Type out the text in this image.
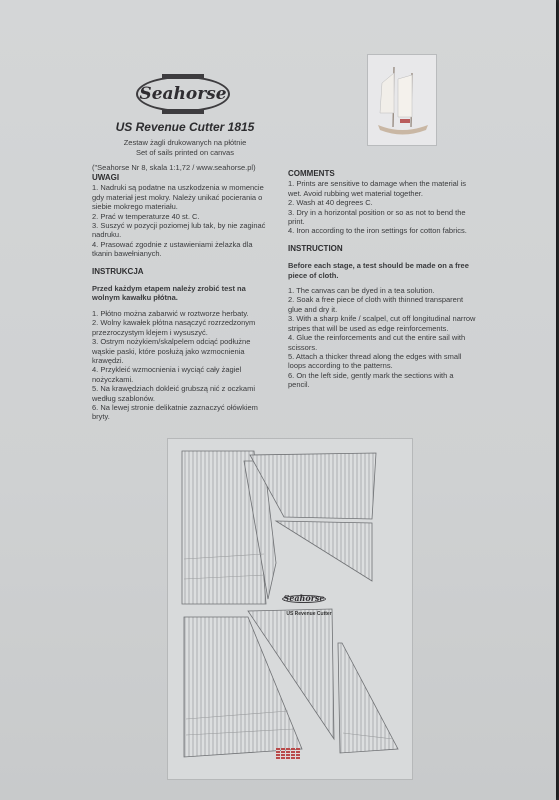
Seahorse
US Revenue Cutter 1815
Zestaw żagli drukowanych na płótnie
Set of sails printed on canvas

("Seahorse Nr 8, skala 1:1,72 / www.seahorse.pl)

UWAGI

1. Nadruki są podatne na uszkodzenia w momencie gdy materiał jest mokry. Należy unikać pocierania o siebie mokrego materiału.

2. Prać w temperaturze 40 st. C.

3. Suszyć w pozycji poziomej lub tak, by nie zaginać nadruku.

4. Prasować zgodnie z ustawieniami żelazka dla tkanin bawełnianych.

INSTRUKCJA

Przed każdym etapem należy zrobić test na wolnym kawałku płótna.

1. Płótno można zabarwić w roztworze herbaty.

2. Wolny kawałek płótna nasączyć rozrzedzonym przezroczystym klejem i wysuszyć.

3. Ostrym nożykiem/skalpelem odciąć podłużne wąskie paski, które posłużą jako wzmocnienia krawędzi.

4. Przykleić wzmocnienia i wyciąć cały żagiel nożyczkami.

5. Na krawędziach dokleić grubszą nić z oczkami według szablonów.

6. Na lewej stronie delikatnie zaznaczyć ołówkiem bryty.

COMMENTS

1. Prints are sensitive to damage when the material is wet. Avoid rubbing wet material together.

2. Wash at 40 degrees C.

3. Dry in a horizontal position or so as not to bend the print.

4. Iron according to the iron settings for cotton fabrics.

INSTRUCTION

Before each stage, a test should be made on a free piece of cloth.

1. The canvas can be dyed in a tea solution.

2. Soak a free piece of cloth with thinned transparent glue and dry it.

3. With a sharp knife / scalpel, cut off longitudinal narrow stripes that will be used as edge reinforcements.

4. Glue the reinforcements and cut the entire sail with scissors.

5. Attach a thicker thread along the edges with small loops according to the patterns.

6. On the left side, gently mark the sections with a pencil.

Seahorse
US Revenue Cutter
